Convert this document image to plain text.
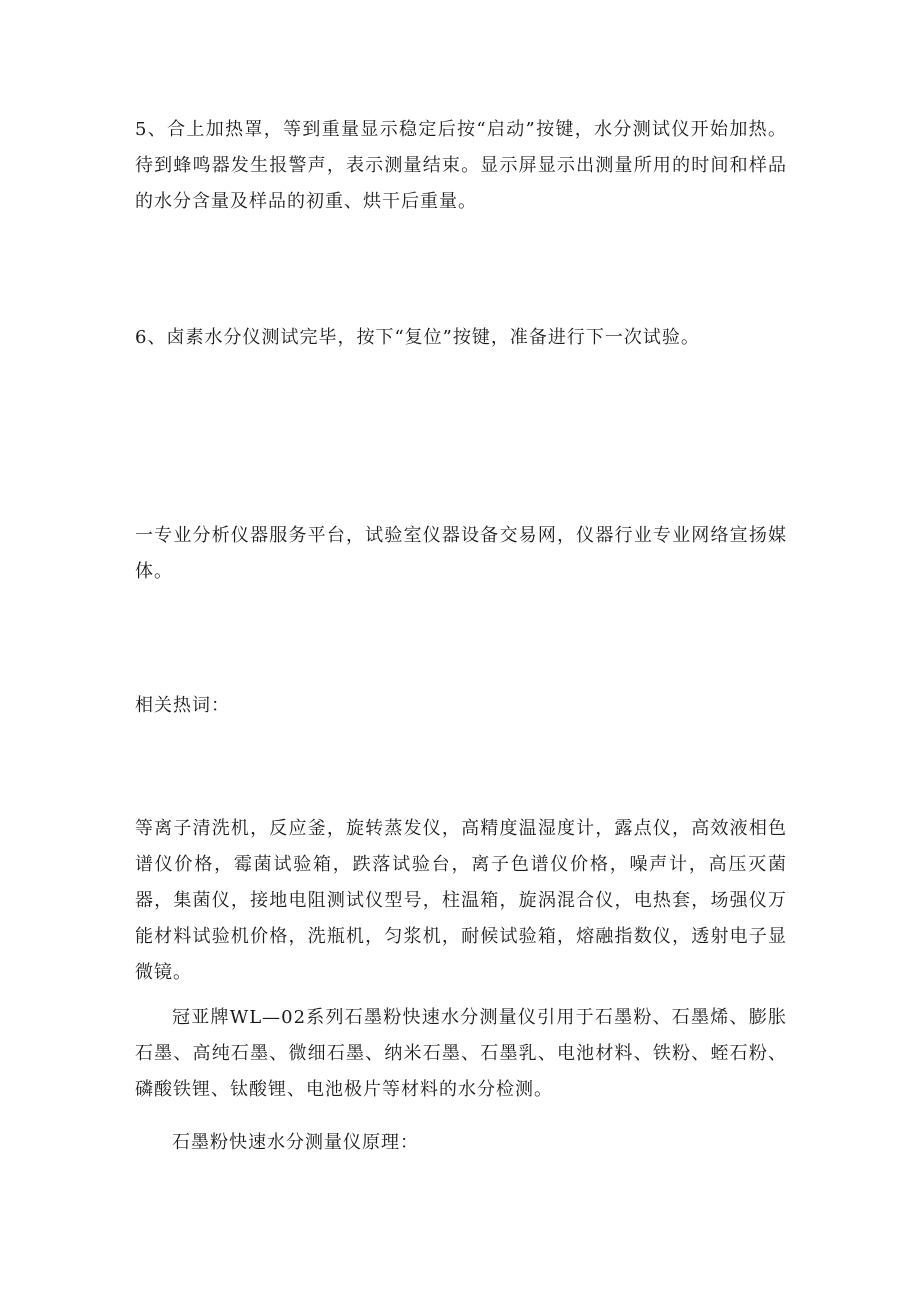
5、合上加热罩，等到重量显示稳定后按“启动”按键，水分测试仪开始加热。待到蜂鸣器发生报警声，表示测量结束。显示屏显示出测量所用的时间和样品的水分含量及样品的初重、烘干后重量。

6、卤素水分仪测试完毕，按下“复位”按键，准备进行下一次试验。

一专业分析仪器服务平台，试验室仪器设备交易网，仪器行业专业网络宣扬媒体。

相关热词：

等离子清洗机，反应釜，旋转蒸发仪，高精度温湿度计，露点仪，高效液相色谱仪价格，霉菌试验箱，跌落试验台，离子色谱仪价格，噪声计，高压灭菌器，集菌仪，接地电阻测试仪型号，柱温箱，旋涡混合仪，电热套，场强仪万能材料试验机价格，洗瓶机，匀浆机，耐候试验箱，熔融指数仪，透射电子显微镜。

冠亚牌WL—02系列石墨粉快速水分测量仪引用于石墨粉、石墨烯、膨胀石墨、高纯石墨、微细石墨、纳米石墨、石墨乳、电池材料、铁粉、蛭石粉、磷酸铁锂、钛酸锂、电池极片等材料的水分检测。

石墨粉快速水分测量仪原理：
